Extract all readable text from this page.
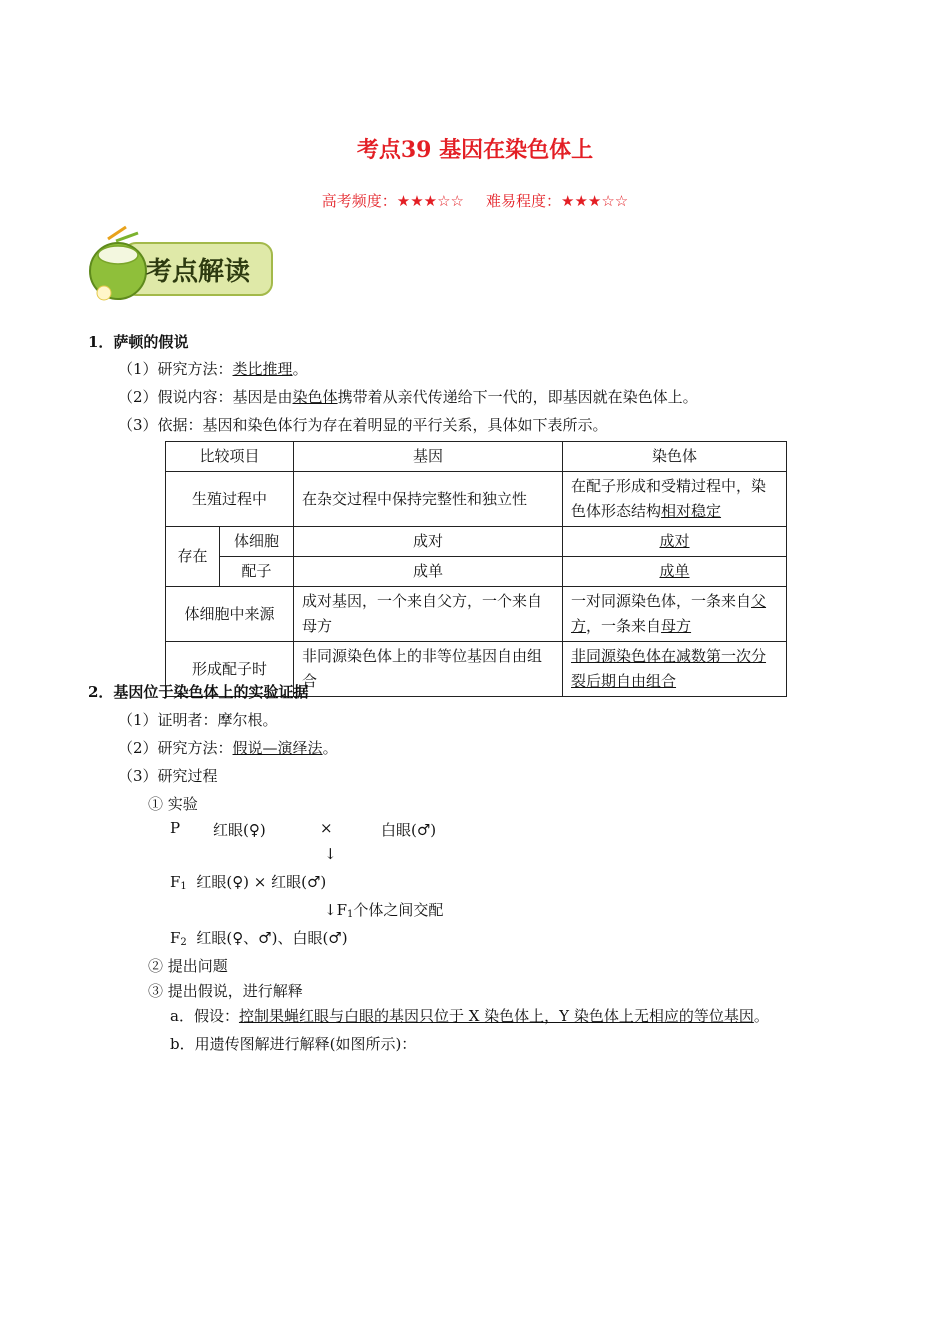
考点39 基因在染色体上
高考频度：★★★☆☆ 难易程度：★★★☆☆
考点解读
1．萨顿的假说
（1）研究方法：类比推理。
（2）假说内容：基因是由染色体携带着从亲代传递给下一代的，即基因就在染色体上。
（3）依据：基因和染色体行为存在着明显的平行关系，具体如下表所示。
比较项目		基因	染色体
生殖过程中		在杂交过程中保持完整性和独立性	在配子形成和受精过程中，染色体形态结构相对稳定
存在	体细胞	成对	成对
	配子	成单	成单
体细胞中来源		成对基因，一个来自父方，一个来自母方	一对同源染色体，一条来自父方，一条来自母方
形成配子时		非同源染色体上的非等位基因自由组合	非同源染色体在减数第一次分裂后期自由组合
2．基因位于染色体上的实验证据
（1）证明者：摩尔根。
（2）研究方法：假说—演绎法。
（3）研究过程
① 实验
P 红眼(♀)	×	白眼(♂)
↓
$F_1$ 红眼(♀) × 红眼(♂)
$↓F_1$个体之间交配
$F_2$ 红眼(♀、♂)、白眼(♂)
② 提出问题
③ 提出假说，进行解释
a．假设：控制果蝇红眼与白眼的基因只位于 X 染色体上，Y 染色体上无相应的等位基因。
b．用遗传图解进行解释(如图所示)：
